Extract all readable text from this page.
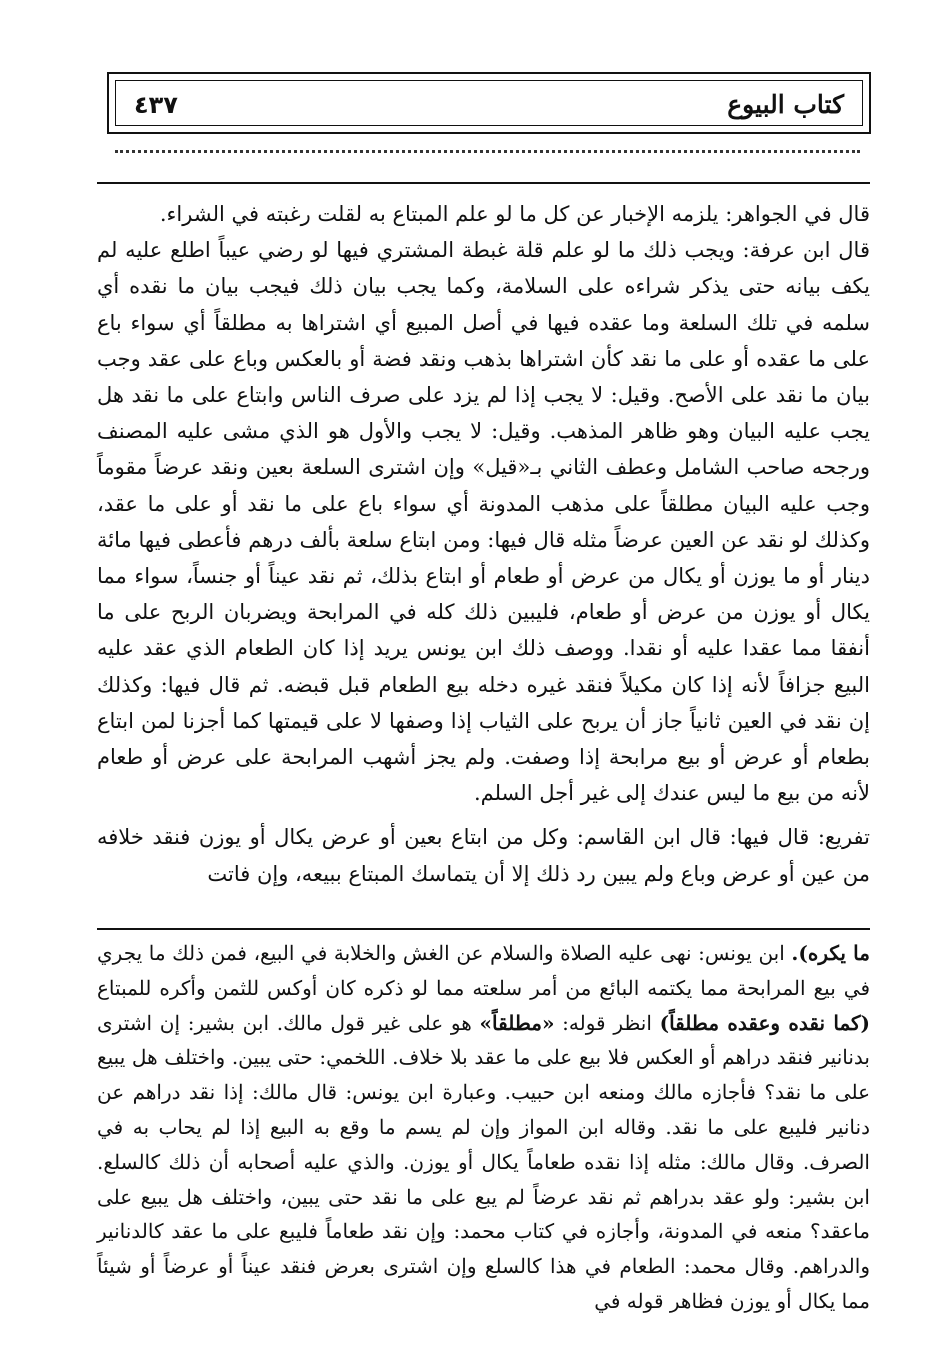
٤٣٧	كتاب البيوع

قال في الجواهر: يلزمه الإخبار عن كل ما لو علم المبتاع به لقلت رغبته في الشراء.

قال ابن عرفة: ويجب ذلك ما لو علم قلة غبطة المشتري فيها لو رضي عيباً اطلع عليه لم يكف بيانه حتى يذكر شراءه على السلامة، وكما يجب بيان ذلك فيجب بيان ما نقده أي سلمه في تلك السلعة وما عقده فيها في أصل المبيع أي اشتراها به مطلقاً أي سواء باع على ما عقده أو على ما نقد كأن اشتراها بذهب ونقد فضة أو بالعكس وباع على عقد وجب بيان ما نقد على الأصح. وقيل: لا يجب إذا لم يزد على صرف الناس وابتاع على ما نقد هل يجب عليه البيان وهو ظاهر المذهب. وقيل: لا يجب والأول هو الذي مشى عليه المصنف ورجحه صاحب الشامل وعطف الثاني بـ«قيل» وإن اشترى السلعة بعين ونقد عرضاً مقوماً وجب عليه البيان مطلقاً على مذهب المدونة أي سواء باع على ما نقد أو على ما عقد، وكذلك لو نقد عن العين عرضاً مثله قال فيها: ومن ابتاع سلعة بألف درهم فأعطى فيها مائة دينار أو ما يوزن أو يكال من عرض أو طعام أو ابتاع بذلك، ثم نقد عيناً أو جنساً، سواء مما يكال أو يوزن من عرض أو طعام، فليبين ذلك كله في المرابحة ويضربان الربح على ما أنفقا مما عقدا عليه أو نقدا. ووصف ذلك ابن يونس يريد إذا كان الطعام الذي عقد عليه البيع جزافاً لأنه إذا كان مكيلاً فنقد غيره دخله بيع الطعام قبل قبضه. ثم قال فيها: وكذلك إن نقد في العين ثانياً جاز أن يربح على الثياب إذا وصفها لا على قيمتها كما أجزنا لمن ابتاع بطعام أو عرض أو بيع مرابحة إذا وصفت. ولم يجز أشهب المرابحة على عرض أو طعام لأنه من بيع ما ليس عندك إلى غير أجل السلم.

تفريع: قال فيها: قال ابن القاسم: وكل من ابتاع بعين أو عرض يكال أو يوزن فنقد خلافه من عين أو عرض وباع ولم يبين رد ذلك إلا أن يتماسك المبتاع ببيعه، وإن فاتت

ما يكره). ابن يونس: نهى عليه الصلاة والسلام عن الغش والخلابة في البيع، فمن ذلك ما يجري في بيع المرابحة مما يكتمه البائع من أمر سلعته مما لو ذكره كان أوكس للثمن وأكره للمبتاع (كما نقده وعقده مطلقاً) انظر قوله: «مطلقاً» هو على غير قول مالك. ابن بشير: إن اشترى بدنانير فنقد دراهم أو العكس فلا بيع على ما عقد بلا خلاف. اللخمي: حتى يبين. واختلف هل يبيع على ما نقد؟ فأجازه مالك ومنعه ابن حبيب. وعبارة ابن يونس: قال مالك: إذا نقد دراهم عن دنانير فليبع على ما نقد. وقاله ابن المواز وإن لم يسم ما وقع به البيع إذا لم يحاب به في الصرف. وقال مالك: مثله إذا نقده طعاماً يكال أو يوزن. والذي عليه أصحابه أن ذلك كالسلع. ابن بشير: ولو عقد بدراهم ثم نقد عرضاً لم يبع على ما نقد حتى يبين، واختلف هل يبيع على ماعقد؟ منعه في المدونة، وأجازه في كتاب محمد: وإن نقد طعاماً فليبع على ما عقد كالدنانير والدراهم. وقال محمد: الطعام في هذا كالسلع وإن اشترى بعرض فنقد عيناً أو عرضاً أو شيئاً مما يكال أو يوزن فظاهر قوله في
